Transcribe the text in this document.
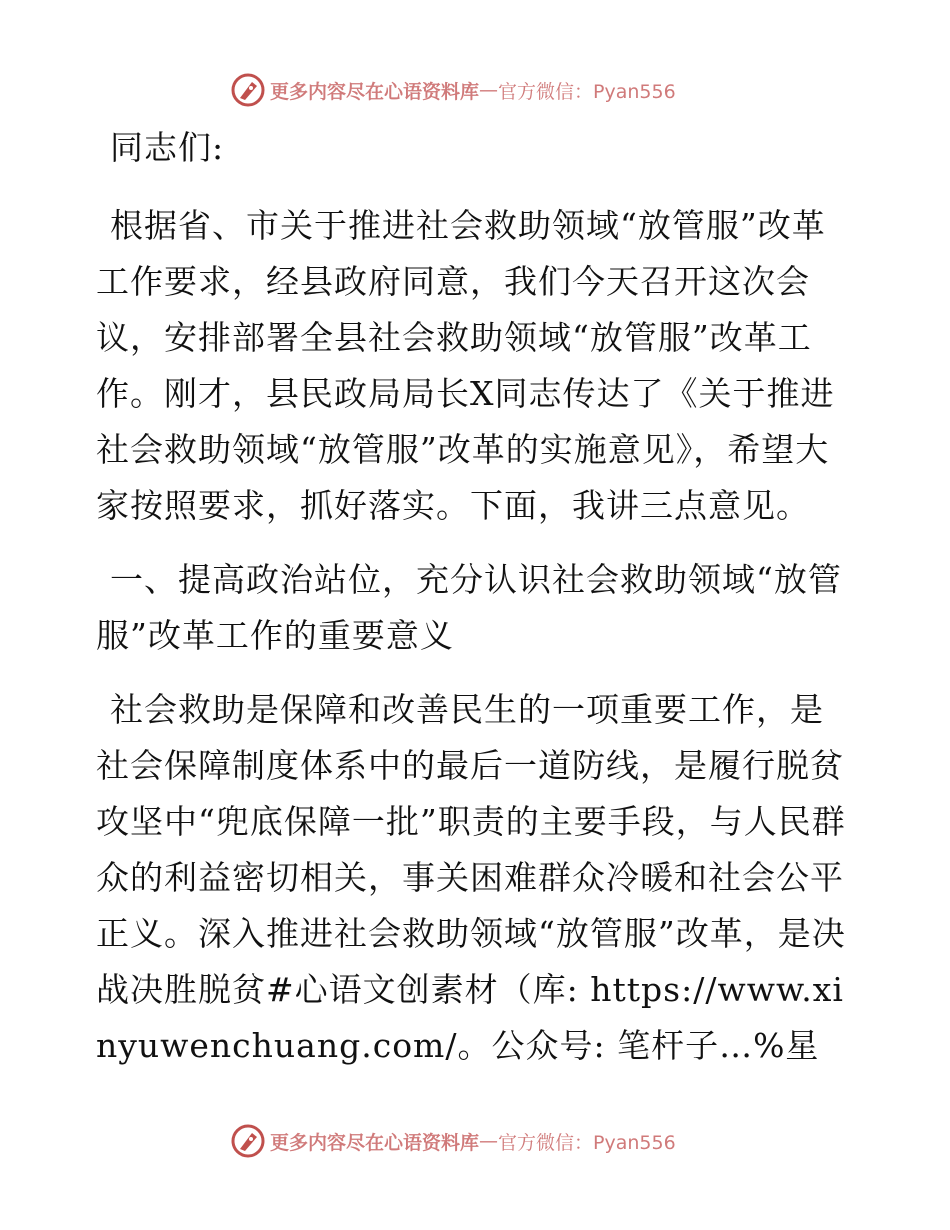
更多内容尽在心语资料库 — 官方微信：Pyan556

同志们:

根据省、市关于推进社会救助领域“放管服”改革工作要求，经县政府同意，我们今天召开这次会议，安排部署全县社会救助领域“放管服”改革工作。刚才，县民政局局长X同志传达了《关于推进社会救助领域“放管服”改革的实施意见》，希望大家按照要求，抓好落实。下面，我讲三点意见。

一、提高政治站位，充分认识社会救助领域“放管服”改革工作的重要意义

社会救助是保障和改善民生的一项重要工作，是社会保障制度体系中的最后一道防线，是履行脱贫攻坚中“兜底保障一批”职责的主要手段，与人民群众的利益密切相关，事关困难群众冷暖和社会公平正义。深入推进社会救助领域“放管服”改革，是决战决胜脱贫#心语文创素材（库: https://www.xinyuwenchuang.com/。公众号: 笔杆子…%星

更多内容尽在心语资料库 — 官方微信：Pyan556
